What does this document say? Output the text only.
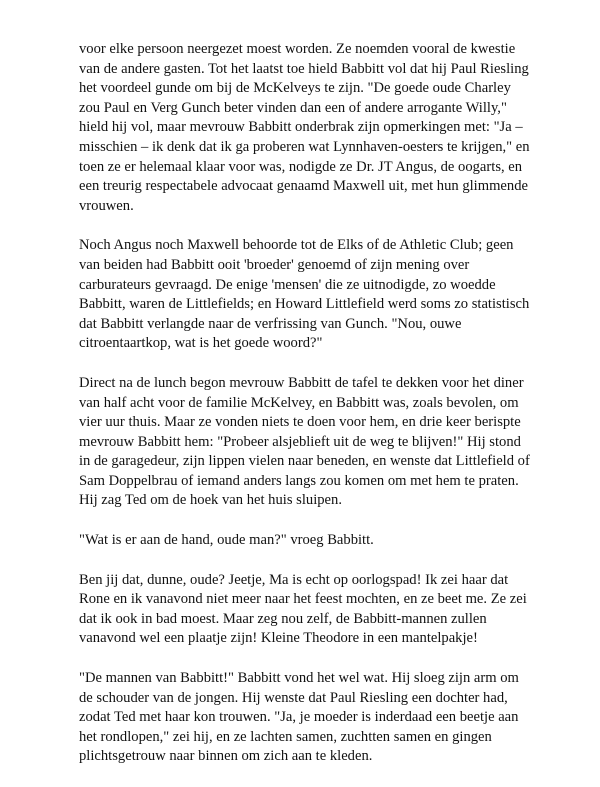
voor elke persoon neergezet moest worden. Ze noemden vooral de kwestie van de andere gasten. Tot het laatst toe hield Babbitt vol dat hij Paul Riesling het voordeel gunde om bij de McKelveys te zijn. "De goede oude Charley zou Paul en Verg Gunch beter vinden dan een of andere arrogante Willy," hield hij vol, maar mevrouw Babbitt onderbrak zijn opmerkingen met: "Ja – misschien – ik denk dat ik ga proberen wat Lynnhaven-oesters te krijgen," en toen ze er helemaal klaar voor was, nodigde ze Dr. JT Angus, de oogarts, en een treurig respectabele advocaat genaamd Maxwell uit, met hun glimmende vrouwen.

Noch Angus noch Maxwell behoorde tot de Elks of de Athletic Club; geen van beiden had Babbitt ooit 'broeder' genoemd of zijn mening over carburateurs gevraagd. De enige 'mensen' die ze uitnodigde, zo woedde Babbitt, waren de Littlefields; en Howard Littlefield werd soms zo statistisch dat Babbitt verlangde naar de verfrissing van Gunch. "Nou, ouwe citroentaartkop, wat is het goede woord?"

Direct na de lunch begon mevrouw Babbitt de tafel te dekken voor het diner van half acht voor de familie McKelvey, en Babbitt was, zoals bevolen, om vier uur thuis. Maar ze vonden niets te doen voor hem, en drie keer berispte mevrouw Babbitt hem: "Probeer alsjeblieft uit de weg te blijven!" Hij stond in de garagedeur, zijn lippen vielen naar beneden, en wenste dat Littlefield of Sam Doppelbrau of iemand anders langs zou komen om met hem te praten. Hij zag Ted om de hoek van het huis sluipen.

"Wat is er aan de hand, oude man?" vroeg Babbitt.

Ben jij dat, dunne, oude? Jeetje, Ma is echt op oorlogspad! Ik zei haar dat Rone en ik vanavond niet meer naar het feest mochten, en ze beet me. Ze zei dat ik ook in bad moest. Maar zeg nou zelf, de Babbitt-mannen zullen vanavond wel een plaatje zijn! Kleine Theodore in een mantelpakje!

"De mannen van Babbitt!" Babbitt vond het wel wat. Hij sloeg zijn arm om de schouder van de jongen. Hij wenste dat Paul Riesling een dochter had, zodat Ted met haar kon trouwen. "Ja, je moeder is inderdaad een beetje aan het rondlopen," zei hij, en ze lachten samen, zuchtten samen en gingen plichtsgetrouw naar binnen om zich aan te kleden.
